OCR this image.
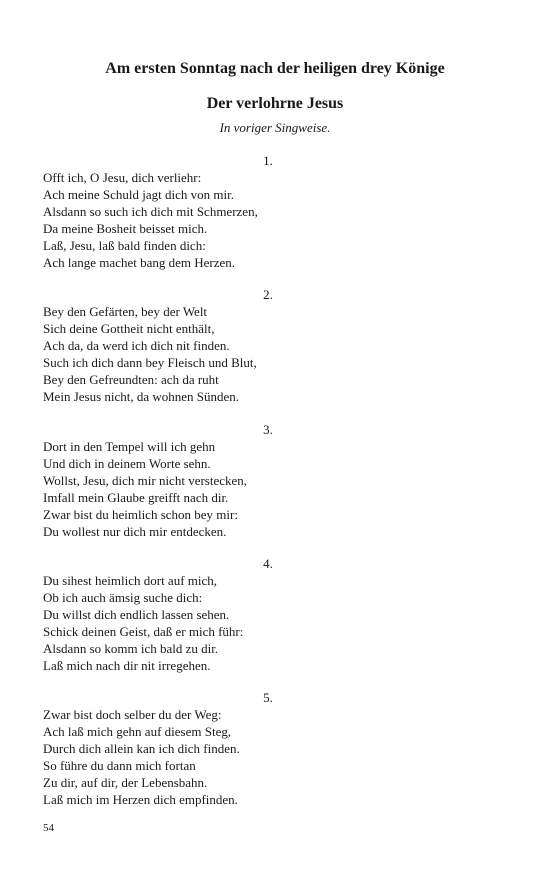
Am ersten Sonntag nach der heiligen drey Könige
Der verlohrne Jesus

In voriger Singweise.

1.

Offt ich, O Jesu, dich verliehr:

Ach meine Schuld jagt dich von mir.

Alsdann so such ich dich mit Schmerzen,

Da meine Bosheit beisset mich.

Laß, Jesu, laß bald finden dich:

Ach lange machet bang dem Herzen.

2.

Bey den Gefärten, bey der Welt

Sich deine Gottheit nicht enthält,

Ach da, da werd ich dich nit finden.

Such ich dich dann bey Fleisch und Blut,

Bey den Gefreundten: ach da ruht

Mein Jesus nicht, da wohnen Sünden.

3.

Dort in den Tempel will ich gehn

Und dich in deinem Worte sehn.

Wollst, Jesu, dich mir nicht verstecken,

Imfall mein Glaube greifft nach dir.

Zwar bist du heimlich schon bey mir:

Du wollest nur dich mir entdecken.

4.

Du sihest heimlich dort auf mich,

Ob ich auch ämsig suche dich:

Du willst dich endlich lassen sehen.

Schick deinen Geist, daß er mich führ:

Alsdann so komm ich bald zu dir.

Laß mich nach dir nit irregehen.

5.

Zwar bist doch selber du der Weg:

Ach laß mich gehn auf diesem Steg,

Durch dich allein kan ich dich finden.

So führe du dann mich fortan

Zu dir, auf dir, der Lebensbahn.

Laß mich im Herzen dich empfinden.

54
